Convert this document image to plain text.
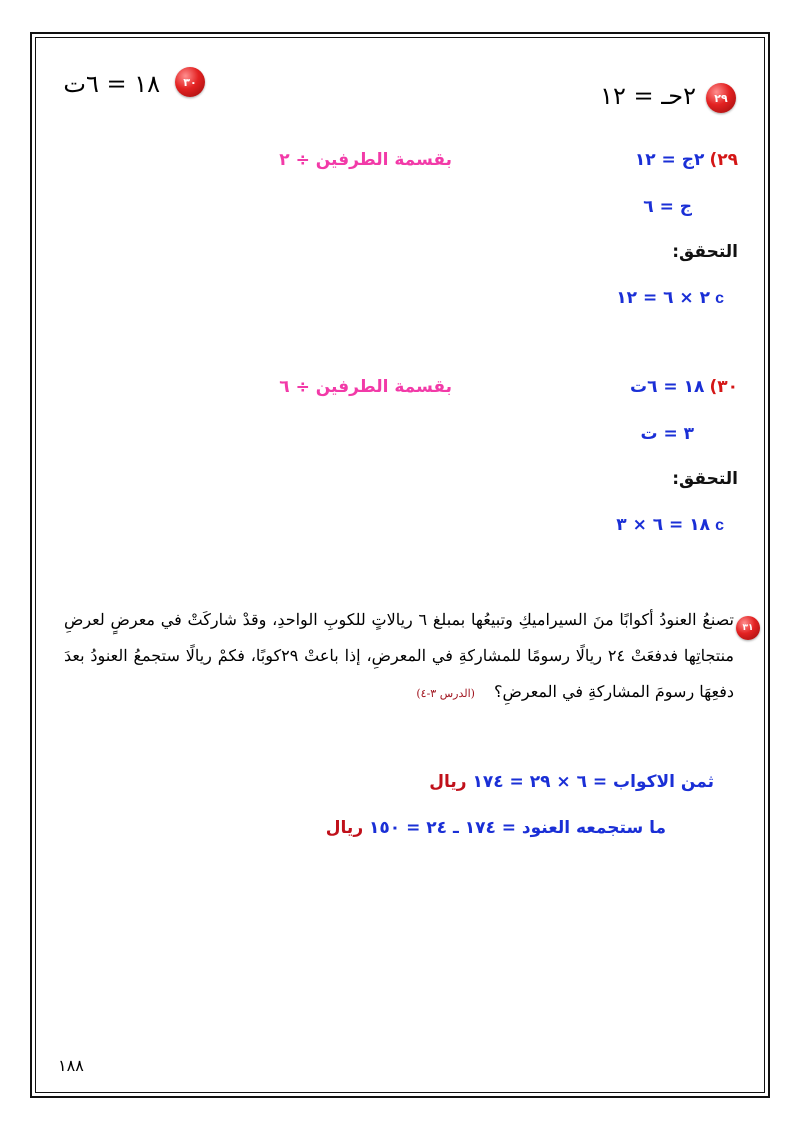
٢٩
٢حـ = ١٢
٣٠
١٨ = ٦ت
٢٩) ٢ج = ١٢
بقسمة الطرفين ÷ ٢
ج = ٦
التحقق:
٢ × ٦ = ١٢ c
٣٠) ١٨ = ٦ت
بقسمة الطرفين ÷ ٦
٣ = ت
التحقق:
١٨ = ٦ × ٣ c
٣١
تصنعُ العنودُ أكوابًا منَ السيراميكِ وتبيعُها بمبلغ ٦ ريالاتٍ للكوبِ الواحدِ، وقدْ شاركَتْ في معرضٍ لعرضِ منتجاتِها فدفعَتْ ٢٤ ريالًا رسومًا للمشاركةِ في المعرضِ، إذا باعتْ ٢٩كوبًا، فكمْ ريالًا ستجمعُ العنودُ بعدَ دفعِهَا رسومَ المشاركةِ في المعرضِ؟ (الدرس ٣-٤)
ثمن الاكواب = ٦ × ٢٩ = ١٧٤ ريال
ما ستجمعه العنود = ١٧٤ ـ ٢٤ = ١٥٠ ريال
١٨٨
